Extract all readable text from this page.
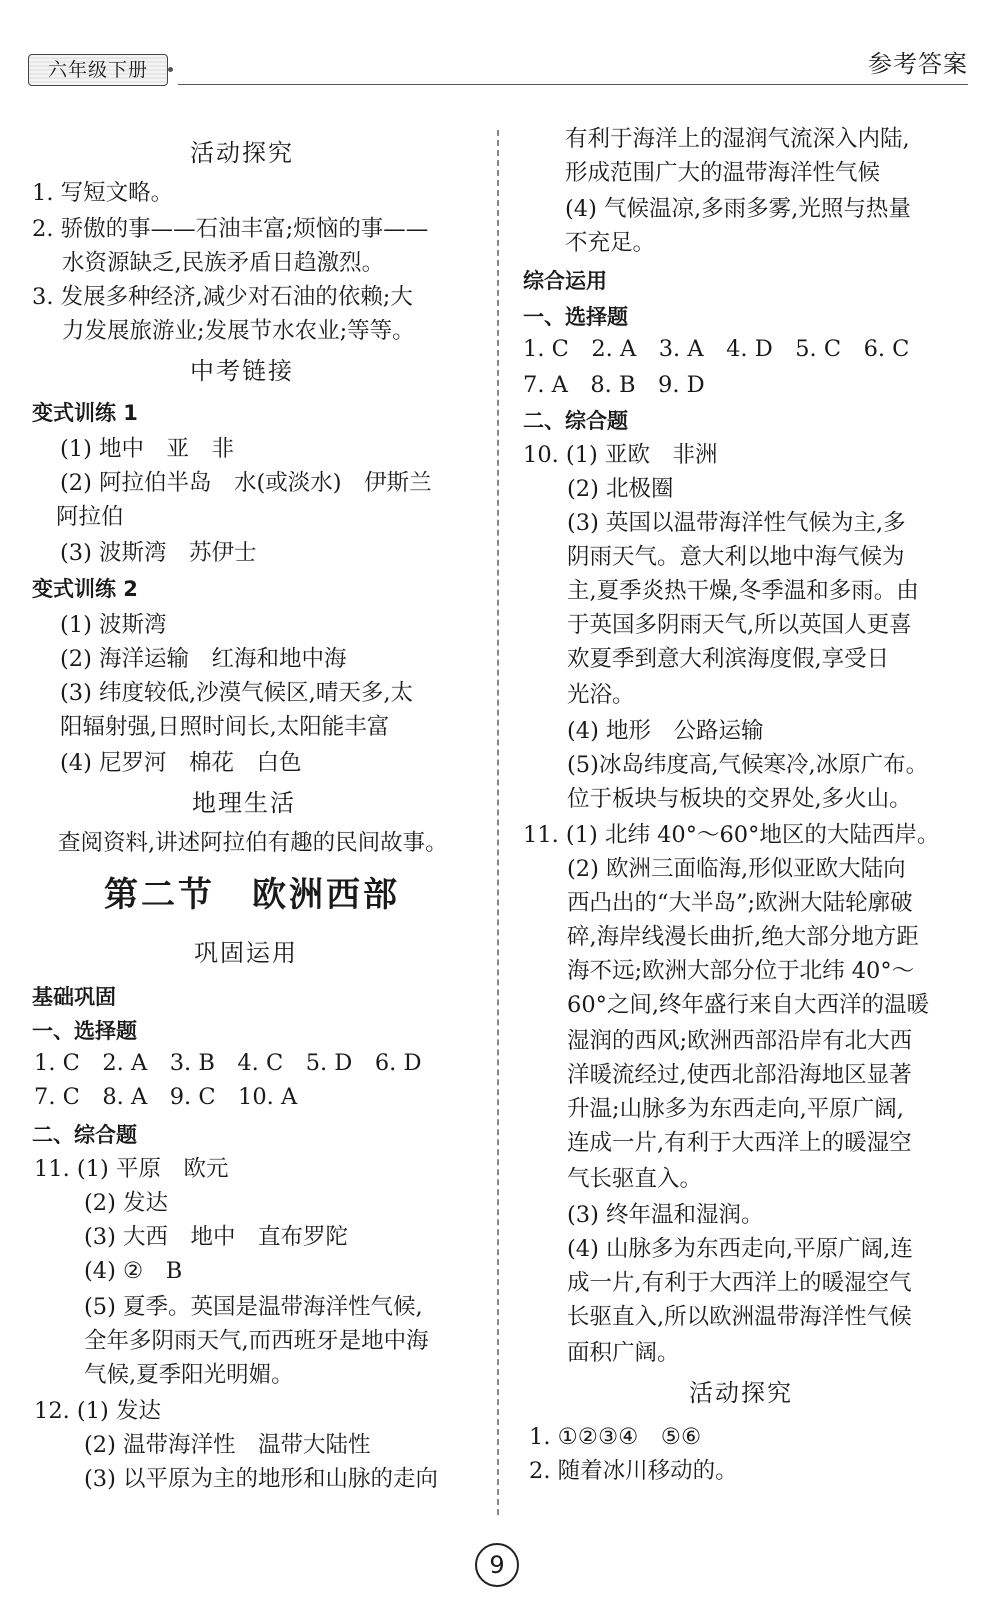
六年级下册	参考答案
活动探究
1. 写短文略。
2. 骄傲的事——石油丰富;烦恼的事——
水资源缺乏,民族矛盾日趋激烈。
3. 发展多种经济,减少对石油的依赖;大
力发展旅游业;发展节水农业;等等。
中考链接
变式训练 1
(1) 地中　亚　非
(2) 阿拉伯半岛　水(或淡水)　伊斯兰
阿拉伯
(3) 波斯湾　苏伊士
变式训练 2
(1) 波斯湾
(2) 海洋运输　红海和地中海
(3) 纬度较低,沙漠气候区,晴天多,太
阳辐射强,日照时间长,太阳能丰富
(4) 尼罗河　棉花　白色
地理生活
查阅资料,讲述阿拉伯有趣的民间故事。
第二节　欧洲西部
巩固运用
基础巩固
一、选择题
1. C　2. A　3. B　4. C　5. D　6. D
7. C　8. A　9. C　10. A
二、综合题
11. (1) 平原　欧元
(2) 发达
(3) 大西　地中　直布罗陀
(4) ②　B
(5) 夏季。英国是温带海洋性气候,
全年多阴雨天气,而西班牙是地中海
气候,夏季阳光明媚。
12. (1) 发达
(2) 温带海洋性　温带大陆性
(3) 以平原为主的地形和山脉的走向
有利于海洋上的湿润气流深入内陆,
形成范围广大的温带海洋性气候
(4) 气候温凉,多雨多雾,光照与热量
不充足。
综合运用
一、选择题
1. C　2. A　3. A　4. D　5. C　6. C
7. A　8. B　9. D
二、综合题
10. (1) 亚欧　非洲
(2) 北极圈
(3) 英国以温带海洋性气候为主,多
阴雨天气。意大利以地中海气候为
主,夏季炎热干燥,冬季温和多雨。由
于英国多阴雨天气,所以英国人更喜
欢夏季到意大利滨海度假,享受日
光浴。
(4) 地形　公路运输
(5)冰岛纬度高,气候寒冷,冰原广布。
位于板块与板块的交界处,多火山。
11. (1) 北纬 40°～60°地区的大陆西岸。
(2) 欧洲三面临海,形似亚欧大陆向
西凸出的“大半岛”;欧洲大陆轮廓破
碎,海岸线漫长曲折,绝大部分地方距
海不远;欧洲大部分位于北纬 40°～
60°之间,终年盛行来自大西洋的温暖
湿润的西风;欧洲西部沿岸有北大西
洋暖流经过,使西北部沿海地区显著
升温;山脉多为东西走向,平原广阔,
连成一片,有利于大西洋上的暖湿空
气长驱直入。
(3) 终年温和湿润。
(4) 山脉多为东西走向,平原广阔,连
成一片,有利于大西洋上的暖湿空气
长驱直入,所以欧洲温带海洋性气候
面积广阔。
活动探究
1. ①②③④　⑤⑥
2. 随着冰川移动的。
9
